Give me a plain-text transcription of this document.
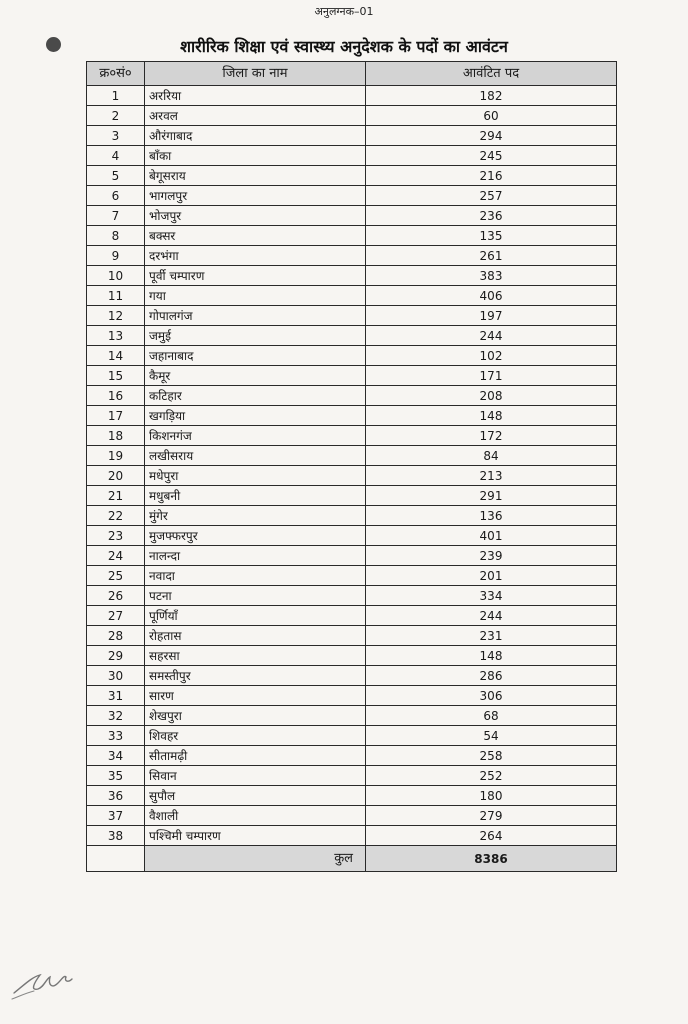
अनुलग्नक–01
शारीरिक शिक्षा एवं स्वास्थ्य अनुदेशक के पदों का आवंटन
क्र०सं०	जिला का नाम	आवंटित पद
1	अररिया	182
2	अरवल	60
3	औरंगाबाद	294
4	बाँका	245
5	बेगूसराय	216
6	भागलपुर	257
7	भोजपुर	236
8	बक्सर	135
9	दरभंगा	261
10	पूर्वी चम्पारण	383
11	गया	406
12	गोपालगंज	197
13	जमुई	244
14	जहानाबाद	102
15	कैमूर	171
16	कटिहार	208
17	खगड़िया	148
18	किशनगंज	172
19	लखीसराय	84
20	मधेपुरा	213
21	मधुबनी	291
22	मुंगेर	136
23	मुजफ्फरपुर	401
24	नालन्दा	239
25	नवादा	201
26	पटना	334
27	पूर्णियाँ	244
28	रोहतास	231
29	सहरसा	148
30	समस्तीपुर	286
31	सारण	306
32	शेखपुरा	68
33	शिवहर	54
34	सीतामढ़ी	258
35	सिवान	252
36	सुपौल	180
37	वैशाली	279
38	पश्चिमी चम्पारण	264
	कुल	8386
